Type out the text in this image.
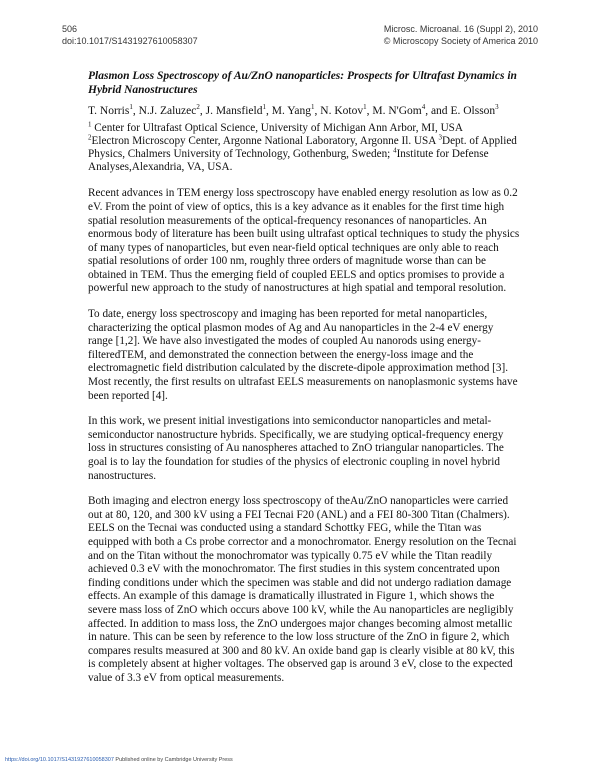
506
doi:10.1017/S1431927610058307
Microsc. Microanal. 16 (Suppl 2), 2010
© Microscopy Society of America 2010
Plasmon Loss Spectroscopy of Au/ZnO nanoparticles: Prospects for Ultrafast Dynamics in Hybrid Nanostructures
T. Norris$^1$, N.J. Zaluzec$^2$, J. Mansfield$^1$, M. Yang$^1$, N. Kotov$^1$, M. N'Gom$^4$, and E. Olsson$^3$
$^1$ Center for Ultrafast Optical Science, University of Michigan Ann Arbor, MI, USA
$^2$Electron Microscopy Center, Argonne National Laboratory, Argonne Il. USA $^3$Dept. of Applied Physics, Chalmers University of Technology, Gothenburg, Sweden; $^4$Institute for Defense Analyses,Alexandria, VA, USA.

Recent advances in TEM energy loss spectroscopy have enabled energy resolution as low as 0.2 eV. From the point of view of optics, this is a key advance as it enables for the first time high spatial resolution measurements of the optical-frequency resonances of nanoparticles. An enormous body of literature has been built using ultrafast optical techniques to study the physics of many types of nanoparticles, but even near-field optical techniques are only able to reach spatial resolutions of order 100 nm, roughly three orders of magnitude worse than can be obtained in TEM. Thus the emerging field of coupled EELS and optics promises to provide a powerful new approach to the study of nanostructures at high spatial and temporal resolution.

To date, energy loss spectroscopy and imaging has been reported for metal nanoparticles, characterizing the optical plasmon modes of Ag and Au nanoparticles in the 2-4 eV energy range [1,2]. We have also investigated the modes of coupled Au nanorods using energy-filteredTEM, and demonstrated the connection between the energy-loss image and the electromagnetic field distribution calculated by the discrete-dipole approximation method [3]. Most recently, the first results on ultrafast EELS measurements on nanoplasmonic systems have been reported [4].

In this work, we present initial investigations into semiconductor nanoparticles and metal-semiconductor nanostructure hybrids. Specifically, we are studying optical-frequency energy loss in structures consisting of Au nanospheres attached to ZnO triangular nanoparticles. The goal is to lay the foundation for studies of the physics of electronic coupling in novel hybrid nanostructures.

Both imaging and electron energy loss spectroscopy of theAu/ZnO nanoparticles were carried out at 80, 120, and 300 kV using a FEI Tecnai F20 (ANL) and a FEI 80-300 Titan (Chalmers). EELS on the Tecnai was conducted using a standard Schottky FEG, while the Titan was equipped with both a Cs probe corrector and a monochromator. Energy resolution on the Tecnai and on the Titan without the monochromator was typically 0.75 eV while the Titan readily achieved 0.3 eV with the monochromator. The first studies in this system concentrated upon finding conditions under which the specimen was stable and did not undergo radiation damage effects. An example of this damage is dramatically illustrated in Figure 1, which shows the severe mass loss of ZnO which occurs above 100 kV, while the Au nanoparticles are negligibly affected. In addition to mass loss, the ZnO undergoes major changes becoming almost metallic in nature. This can be seen by reference to the low loss structure of the ZnO in figure 2, which compares results measured at 300 and 80 kV. An oxide band gap is clearly visible at 80 kV, this is completely absent at higher voltages. The observed gap is around 3 eV, close to the expected value of 3.3 eV from optical measurements.

https://doi.org/10.1017/S1431927610058307 Published online by Cambridge University Press
